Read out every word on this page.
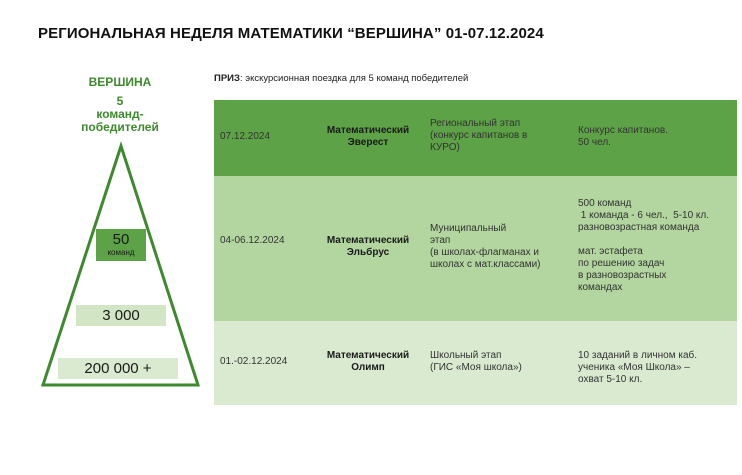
РЕГИОНАЛЬНАЯ НЕДЕЛЯ МАТЕМАТИКИ “ВЕРШИНА” 01-07.12.2024
ПРИЗ: экскурсионная поездка для 5 команд победителей
ВЕРШИНА
5
команд-
победителей
50
команд
3 000
200 000 +
07.12.2024
Математический
Эверест
Региональный этап
(конкурс капитанов в
КУРО)
Конкурс капитанов.
50 чел.
04-06.12.2024	Математический
Эльбрус
Муниципальный
этап
(в школах-флагманах и
школах с мат.классами)
500 команд
1 команда - 6 чел.,  5-10 кл.
разновозрастная команда
мат. эстафета
по решению задач
в разновозрастных
командах
01.-02.12.2024
Математический
Олимп
Школьный этап
(ГИС «Моя школа»)
10 заданий в личном каб.
ученика «Моя Школа» –
охват 5-10 кл.
